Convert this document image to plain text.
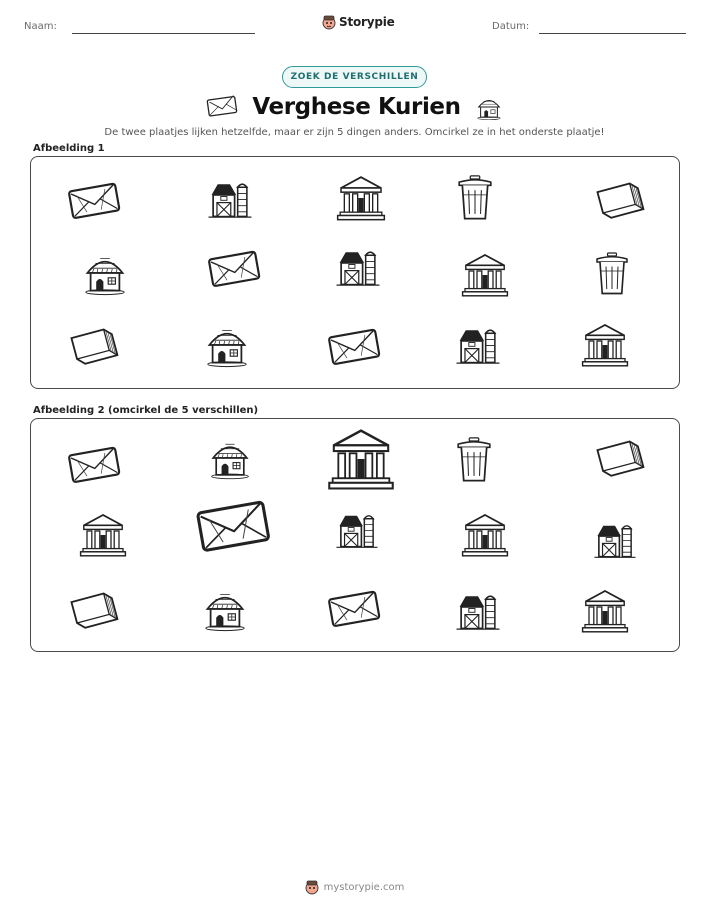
Naam:	Storypie	Datum:
ZOEK DE VERSCHILLEN
Verghese Kurien
De twee plaatjes lijken hetzelfde, maar er zijn 5 dingen anders. Omcirkel ze in het onderste plaatje!
Afbeelding 1
Afbeelding 2 (omcirkel de 5 verschillen)
mystorypie.com
